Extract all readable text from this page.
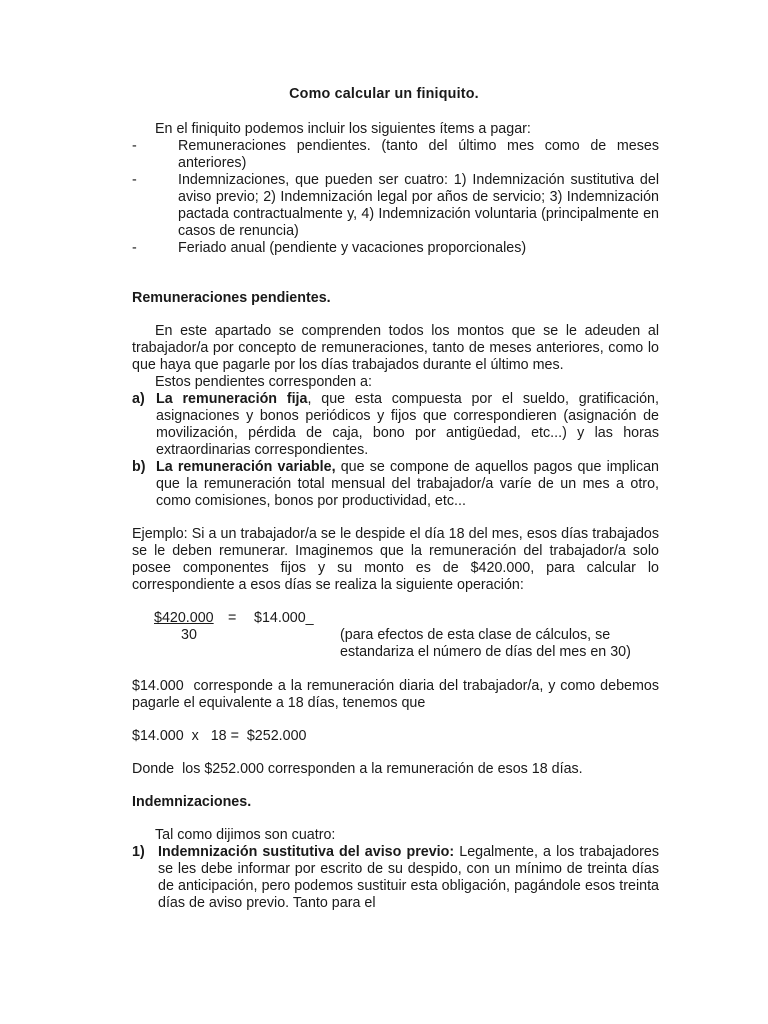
Como calcular un finiquito.

En el finiquito podemos incluir los siguientes ítems a pagar:

-	Remuneraciones pendientes. (tanto del último mes como de meses anteriores)
-	Indemnizaciones, que pueden ser cuatro: 1) Indemnización sustitutiva del aviso previo; 2) Indemnización legal por años de servicio; 3) Indemnización pactada contractualmente y, 4) Indemnización voluntaria (principalmente en casos de renuncia)
-	Feriado anual (pendiente y vacaciones proporcionales)

Remuneraciones pendientes.

En este apartado se comprenden todos los montos que se le adeuden al trabajador/a por concepto de remuneraciones, tanto de meses anteriores, como lo que haya que pagarle por los días trabajados durante el último mes.

Estos pendientes corresponden a:

a) La remuneración fija, que esta compuesta por el sueldo, gratificación, asignaciones y bonos periódicos y fijos que correspondieren (asignación de movilización, pérdida de caja, bono por antigüedad, etc...) y las horas extraordinarias correspondientes.
b) La remuneración variable, que se compone de aquellos pagos que implican que la remuneración total mensual del trabajador/a varíe de un mes a otro, como comisiones, bonos por productividad, etc...

Ejemplo: Si a un trabajador/a se le despide el día 18 del mes, esos días trabajados se le deben remunerar. Imaginemos que la remuneración del trabajador/a solo posee componentes fijos y su monto es de $420.000, para calcular lo correspondiente a esos días se realiza la siguiente operación:

$420.000 = $14.000_
30	(para efectos de esta clase de cálculos, se
estandariza el número de días del mes en 30)

$14.000  corresponde a la remuneración diaria del trabajador/a, y como debemos pagarle el equivalente a 18 días, tenemos que

$14.000  x   18 =  $252.000

Donde  los $252.000 corresponden a la remuneración de esos 18 días.

Indemnizaciones.

Tal como dijimos son cuatro:

1) Indemnización sustitutiva del aviso previo: Legalmente, a los trabajadores se les debe informar por escrito de su despido, con un mínimo de treinta días de anticipación, pero podemos sustituir esta obligación, pagándole esos treinta días de aviso previo. Tanto para el
